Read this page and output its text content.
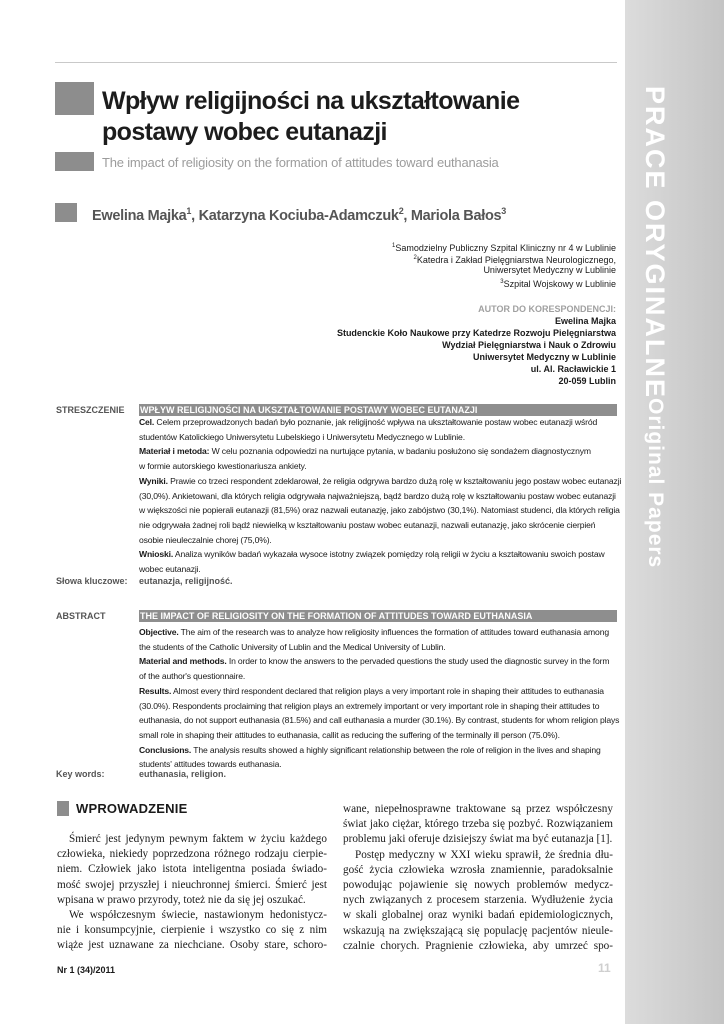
PRACE ORYGINALNE
Original Papers
Wpływ religijności na ukształtowanie
postawy wobec eutanazji
The impact of religiosity on the formation of attitudes toward euthanasia
Ewelina Majka$^1$, Katarzyna Kociuba-Adamczuk$^2$, Mariola Bałos$^3$
$^1$Samodzielny Publiczny Szpital Kliniczny nr 4 w Lublinie
$^2$Katedra i Zakład Pielęgniarstwa Neurologicznego,
Uniwersytet Medyczny w Lublinie
$^3$Szpital Wojskowy w Lublinie
AUTOR DO KORESPONDENCJI:
Ewelina Majka
Studenckie Koło Naukowe przy Katedrze Rozwoju Pielęgniarstwa
Wydział Pielęgniarstwa i Nauk o Zdrowiu
Uniwersytet Medyczny w Lublinie
ul. Al. Racławickie 1
20-059 Lublin
STRESZCZENIE WPŁYW RELIGIJNOŚCI NA UKSZTAŁTOWANIE POSTAWY WOBEC EUTANAZJI
Cel. Celem przeprowadzonych badań było poznanie, jak religijność wpływa na ukształtowanie postaw wobec eutanazji wśród
studentów Katolickiego Uniwersytetu Lubelskiego i Uniwersytetu Medycznego w Lublinie.
Materiał i metoda: W celu poznania odpowiedzi na nurtujące pytania, w badaniu posłużono się sondażem diagnostycznym
w formie autorskiego kwestionariusza ankiety.
Wyniki. Prawie co trzeci respondent zdeklarował, że religia odgrywa bardzo dużą rolę w kształtowaniu jego postaw wobec eutanazji
(30,0%). Ankietowani, dla których religia odgrywała najważniejszą, bądź bardzo dużą rolę w kształtowaniu postaw wobec eutanazji
w większości nie popierali eutanazji (81,5%) oraz nazwali eutanazję, jako zabójstwo (30,1%). Natomiast studenci, dla których religia
nie odgrywała żadnej roli bądź niewielką w kształtowaniu postaw wobec eutanazji, nazwali eutanazję, jako skrócenie cierpień
osobie nieuleczalnie chorej (75,0%).
Wnioski. Analiza wyników badań wykazała wysoce istotny związek pomiędzy rolą religii w życiu a kształtowaniu swoich postaw
wobec eutanazji.
Słowa kluczowe: eutanazja, religijność.
ABSTRACT	THE IMPACT OF RELIGIOSITY ON THE FORMATION OF ATTITUDES TOWARD EUTHANASIA
Objective. The aim of the research was to analyze how religiosity influences the formation of attitudes toward euthanasia among
the students of the Catholic University of Lublin and the Medical University of Lublin.
Material and methods. In order to know the answers to the pervaded questions the study used the diagnostic survey in the form
of the author's questionnaire.
Results. Almost every third respondent declared that religion plays a very important role in shaping their attitudes to euthanasia
(30.0%). Respondents proclaiming that religion plays an extremely important or very important role in shaping their attitudes to
euthanasia, do not support euthanasia (81.5%) and call euthanasia a murder (30.1%). By contrast, students for whom religion plays
small role in shaping their attitudes to euthanasia, callit as reducing the suffering of the terminally ill person (75.0%).
Conclusions. The analysis results showed a highly significant relationship between the role of religion in the lives and shaping
students' attitudes towards euthanasia.
Key words:	euthanasia, religion.
WPROWADZENIE
Śmierć jest jedynym pewnym faktem w życiu każdego
człowieka, niekiedy poprzedzona różnego rodzaju cierpie-
niem. Człowiek jako istota inteligentna posiada świado-
mość swojej przyszłej i nieuchronnej śmierci. Śmierć jest
wpisana w prawo przyrody, toteż nie da się jej oszukać.
We współczesnym świecie, nastawionym hedonistycz-
nie i konsumpcyjnie, cierpienie i wszystko co się z nim
wiąże jest uznawane za niechciane. Osoby stare, schoro-
wane, niepełnosprawne traktowane są przez współczesny
świat jako ciężar, którego trzeba się pozbyć. Rozwiązaniem
problemu jaki oferuje dzisiejszy świat ma być eutanazja [1].
Postęp medyczny w XXI wieku sprawił, że średnia dłu-
gość życia człowieka wzrosła znamiennie, paradoksalnie
powodując pojawienie się nowych problemów medycz-
nych związanych z procesem starzenia. Wydłużenie życia
w skali globalnej oraz wyniki badań epidemiologicznych,
wskazują na zwiększającą się populację pacjentów nieule-
czalnie chorych. Pragnienie człowieka, aby umrzeć spo-
Nr 1 (34)/2011	11
